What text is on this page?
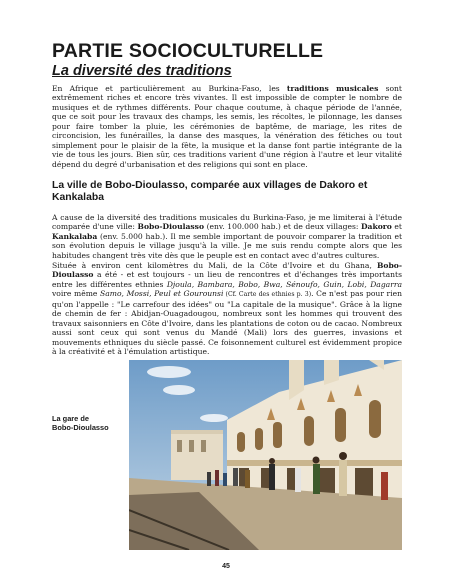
PARTIE SOCIOCULTURELLE
La diversité des traditions

En Afrique et particulièrement au Burkina-Faso, les traditions musicales sont extrêmement riches et encore très vivantes. Il est impossible de compter le nombre de musiques et de rythmes différents. Pour chaque coutume, à chaque période de l'année, que ce soit pour les travaux des champs, les semis, les récoltes, le pilonnage, les danses pour faire tomber la pluie, les cérémonies de baptême, de mariage, les rites de circoncision, les funérailles, la danse des masques, la vénération des fétiches ou tout simplement pour le plaisir de la fête, la musique et la danse font partie intégrante de la vie de tous les jours. Bien sûr, ces traditions varient d'une région à l'autre et leur vitalité dépend du degré d'urbanisation et des religions qui sont en place.

La ville de Bobo-Dioulasso, comparée aux villages de Dakoro et Kankalaba

A cause de la diversité des traditions musicales du Burkina-Faso, je me limiterai à l'étude comparée d'une ville: Bobo-Dioulasso (env. 100.000 hab.) et de deux villages: Dakoro et Kankalaba (env. 5.000 hab.). Il me semble important de pouvoir comparer la tradition et son évolution depuis le village jusqu'à la ville. Je me suis rendu compte alors que les habitudes changent très vite dès que le peuple est en contact avec d'autres cultures.

Située à environ cent kilomètres du Mali, de la Côte d'Ivoire et du Ghana, Bobo-Dioulasso a été - et est toujours - un lieu de rencontres et d'échanges très importants entre les différentes ethnies Djoula, Bambara, Bobo, Bwa, Sénoufo, Guin, Lobi, Dagarra voire même Samo, Mossi, Peul et Gourounsi (Cf. Carte des ethnies p. 3). Ce n'est pas pour rien qu'on l'appelle : "Le carrefour des idées" ou "La capitale de la musique". Grâce à la ligne de chemin de fer : Abidjan-Ouagadougou, nombreux sont les hommes qui trouvent des travaux saisonniers en Côte d'Ivoire, dans les plantations de coton ou de cacao. Nombreux aussi sont ceux qui sont venus du Mandé (Mali) lors des guerres, invasions et mouvements ethniques du siècle passé. Ce foisonnement culturel est évidemment propice à la créativité et à l'émulation artistique.

La gare de
Bobo-Dioulasso
45
